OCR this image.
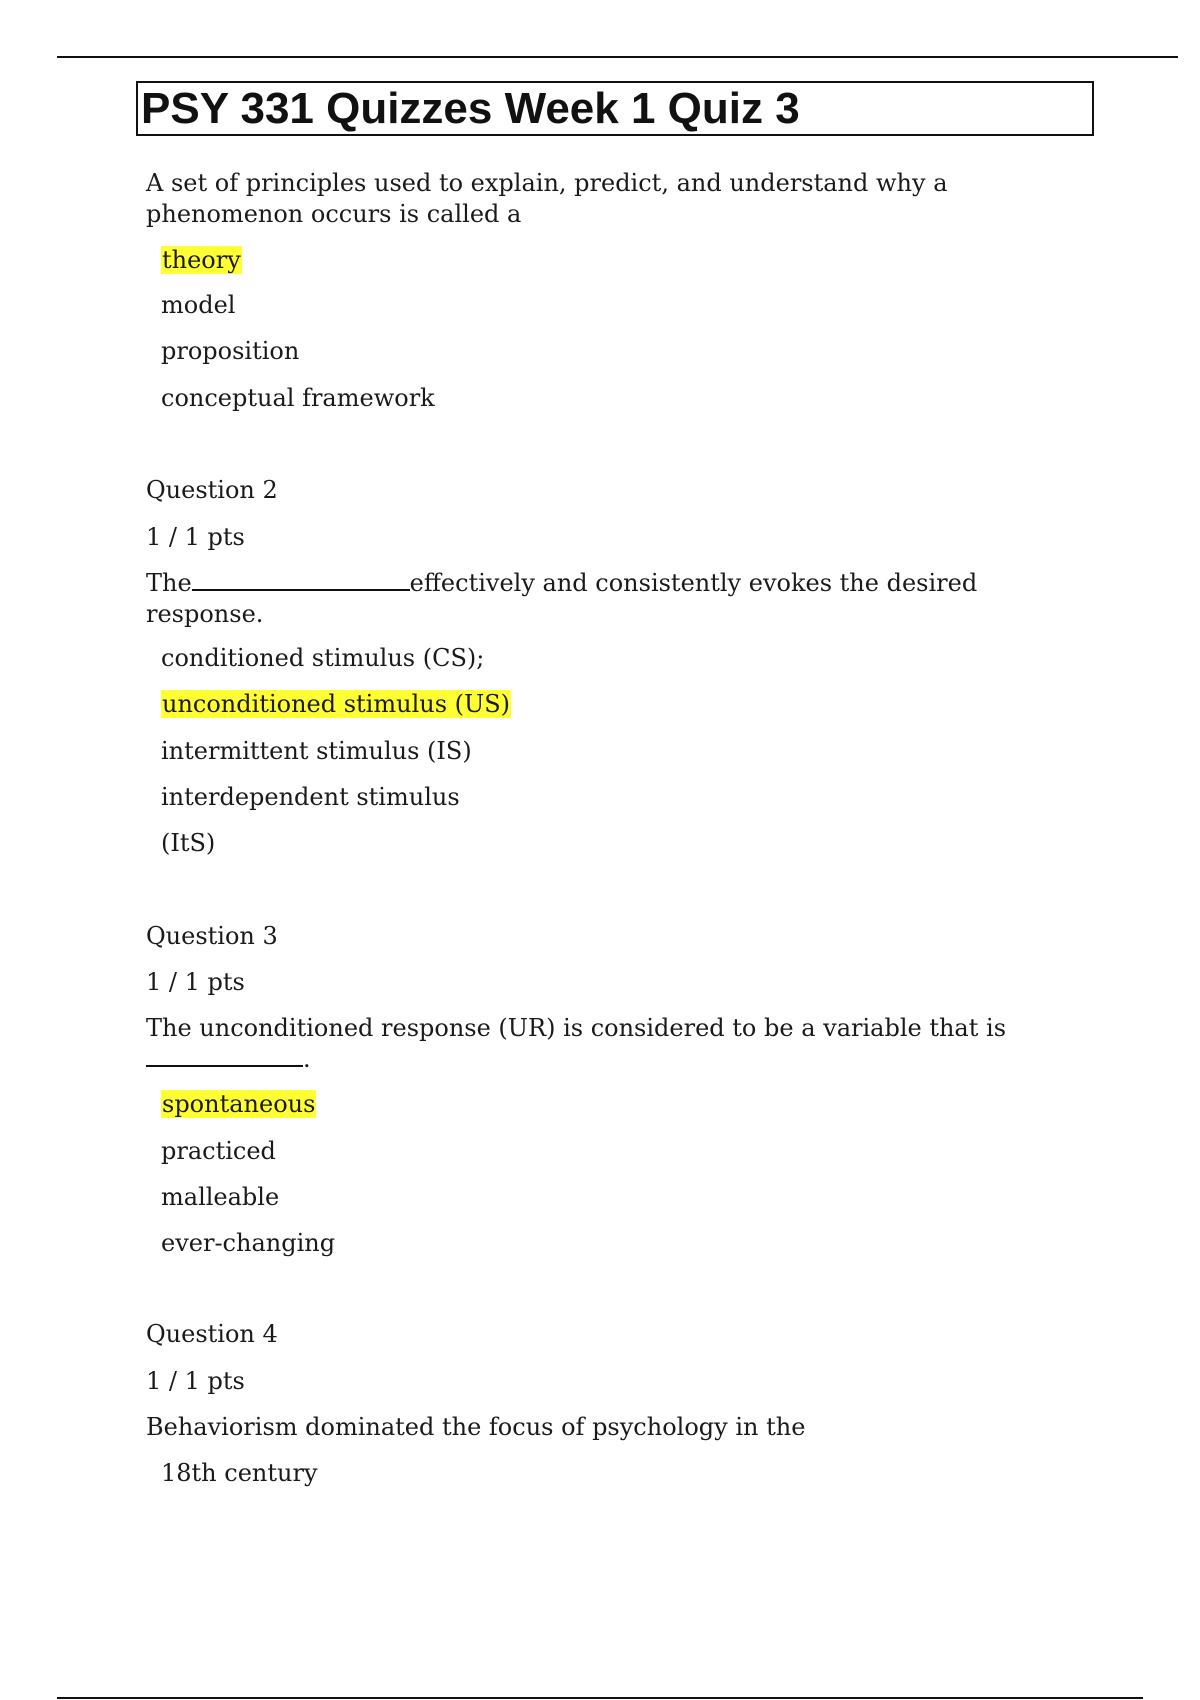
PSY 331 Quizzes Week 1 Quiz 3

A set of principles used to explain, predict, and understand why a

phenomenon occurs is called a

theory

model

proposition

conceptual framework

Question 2

1 / 1 pts

The	effectively and consistently evokes the desired

response.

conditioned stimulus (CS);

unconditioned stimulus (US)

intermittent stimulus (IS)

interdependent stimulus

(ItS)

Question 3

1 / 1 pts

The unconditioned response (UR) is considered to be a variable that is

.

spontaneous

practiced

malleable

ever-changing

Question 4

1 / 1 pts

Behaviorism dominated the focus of psychology in the

18th century
